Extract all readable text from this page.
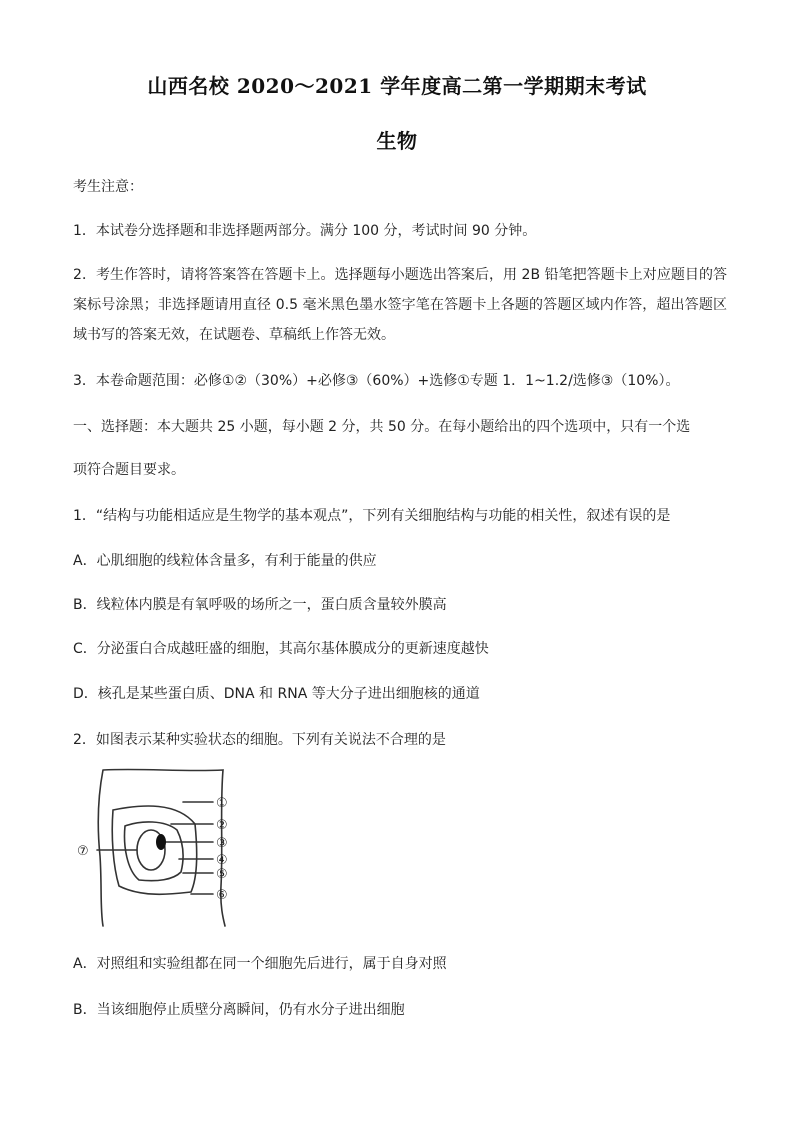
山西名校 2020～2021 学年度高二第一学期期末考试
生物
考生注意：
1．本试卷分选择题和非选择题两部分。满分 100 分，考试时间 90 分钟。
2．考生作答时，请将答案答在答题卡上。选择题每小题选出答案后，用 2B 铅笔把答题卡上对应题目的答案标号涂黑；非选择题请用直径 0.5 毫米黑色墨水签字笔在答题卡上各题的答题区域内作答，超出答题区域书写的答案无效，在试题卷、草稿纸上作答无效。
3．本卷命题范围：必修①②（30%）+必修③（60%）+选修①专题 1．1~1.2/选修③（10%）。
一、选择题：本大题共 25 小题，每小题 2 分，共 50 分。在每小题给出的四个选项中，只有一个选
项符合题目要求。
1．“结构与功能相适应是生物学的基本观点”，下列有关细胞结构与功能的相关性，叙述有误的是
A．心肌细胞的线粒体含量多，有利于能量的供应
B．线粒体内膜是有氧呼吸的场所之一，蛋白质含量较外膜高
C．分泌蛋白合成越旺盛的细胞，其高尔基体膜成分的更新速度越快
D．核孔是某些蛋白质、DNA 和 RNA 等大分子进出细胞核的通道
2．如图表示某种实验状态的细胞。下列有关说法不合理的是
①
②
③
④
⑤
⑥
⑦
A．对照组和实验组都在同一个细胞先后进行，属于自身对照
B．当该细胞停止质壁分离瞬间，仍有水分子进出细胞
